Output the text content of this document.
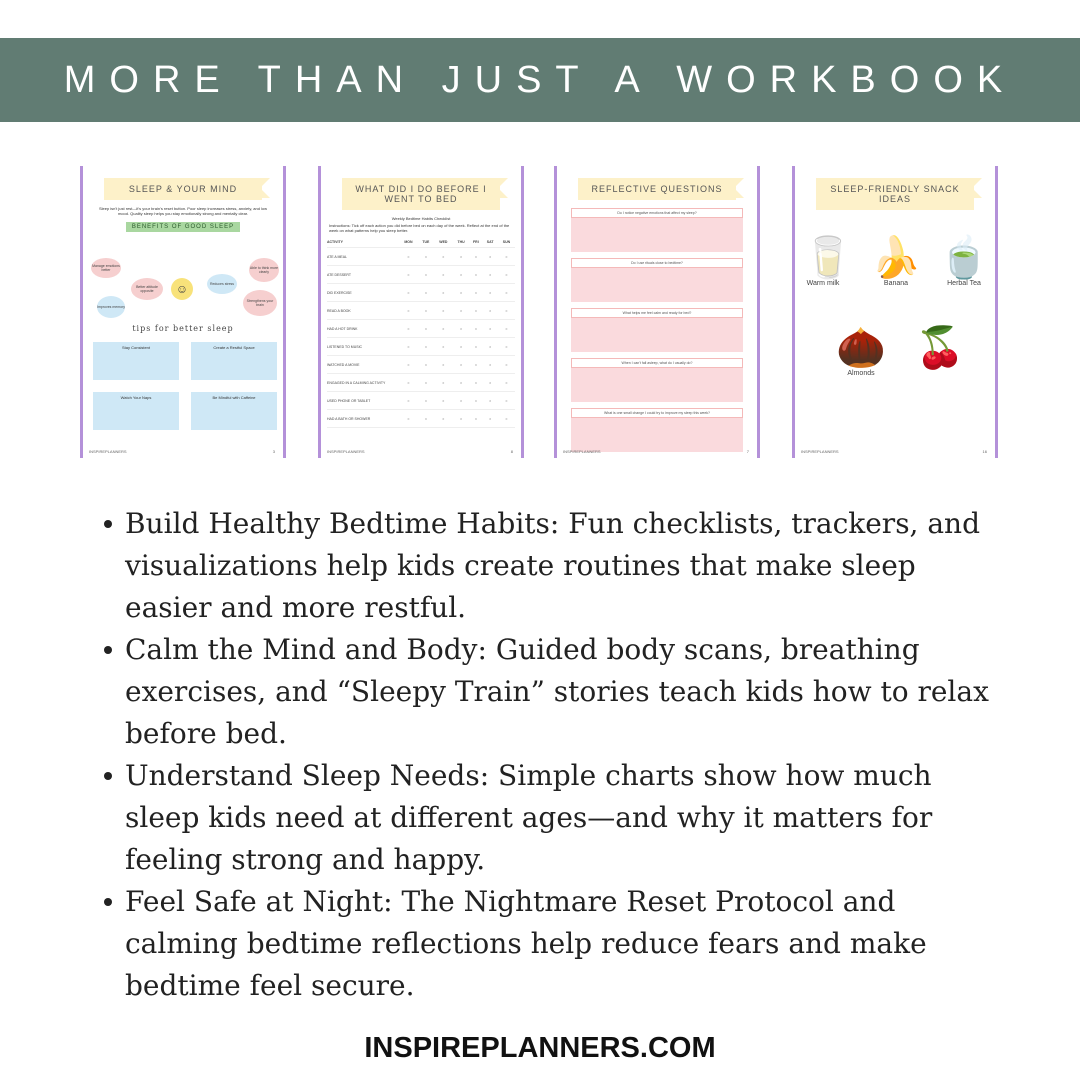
MORE THAN JUST A WORKBOOK
SLEEP & YOUR MIND
Sleep isn't just rest—it's your brain's reset button. Poor sleep increases stress, anxiety, and low mood. Quality sleep helps you stay emotionally strong and mentally clear.
BENEFITS OF GOOD SLEEP
Manage emotions better
Better attitude opposite
Reduces stress
Able to think more clearly
Improves memory
Strengthens your brain
☺
tips for better sleep
Stay Consistent	Create a Restful Space
Watch Your Naps	Be Mindful with Caffeine
INSPIREPLANNERS	3
WHAT DID I DO BEFORE I WENT TO BED
Weekly Bedtime Habits Checklist
Instructions: Tick off each action you did before bed on each day of the week. Reflect at the end of the week on what patterns help you sleep better.
ACTIVITY	MON	TUE	WED	THU	FRI	SAT	SUN
ATE A MEAL	○	○	○	○	○	○	○
ATE DESSERT	○	○	○	○	○	○	○
DID EXERCISE	○	○	○	○	○	○	○
READ A BOOK	○	○	○	○	○	○	○
HAD A HOT DRINK	○	○	○	○	○	○	○
LISTENED TO MUSIC	○	○	○	○	○	○	○
WATCHED A MOVIE	○	○	○	○	○	○	○
ENGAGED IN A CALMING ACTIVITY	○	○	○	○	○	○	○
USED PHONE OR TABLET	○	○	○	○	○	○	○
HAD A BATH OR SHOWER	○	○	○	○	○	○	○
INSPIREPLANNERS	8
REFLECTIVE QUESTIONS
Do I notice negative emotions that affect my sleep?
Do I use rituals close to bedtime?
What helps me feel calm and ready for bed?
When I can't fall asleep, what do I usually do?
What is one small change I could try to improve my sleep this week?
INSPIREPLANNERS	7
SLEEP-FRIENDLY SNACK IDEAS
🥛
Warm milk
🍌
Banana
🍵
Herbal Tea
🌰
Almonds
🍒
INSPIREPLANNERS	16
Build Healthy Bedtime Habits: Fun checklists, trackers, and visualizations help kids create routines that make sleep easier and more restful.
Calm the Mind and Body: Guided body scans, breathing exercises, and “Sleepy Train” stories teach kids how to relax before bed.
Understand Sleep Needs: Simple charts show how much sleep kids need at different ages—and why it matters for feeling strong and happy.
Feel Safe at Night: The Nightmare Reset Protocol and calming bedtime reflections help reduce fears and make bedtime feel secure.
INSPIREPLANNERS.COM
